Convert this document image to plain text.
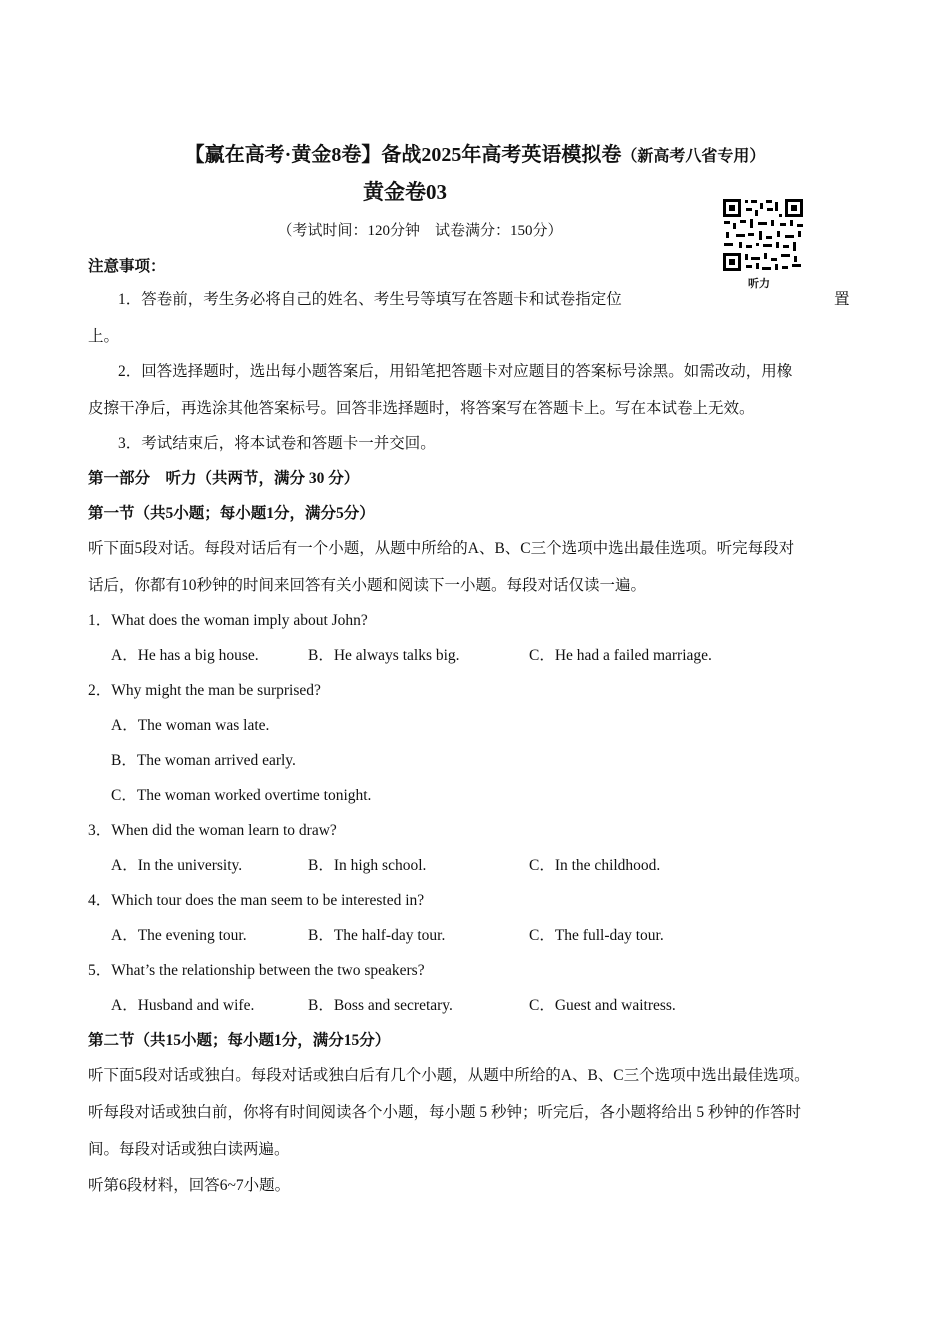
【赢在高考·黄金8卷】备战2025年高考英语模拟卷（新高考八省专用）
黄金卷03
（考试时间：120分钟　试卷满分：150分）
听力
注意事项：
1．答卷前，考生务必将自己的姓名、考生号等填写在答题卡和试卷指定位	置
上。
2．回答选择题时，选出每小题答案后，用铅笔把答题卡对应题目的答案标号涂黑。如需改动，用橡
皮擦干净后，再选涂其他答案标号。回答非选择题时，将答案写在答题卡上。写在本试卷上无效。
3．考试结束后，将本试卷和答题卡一并交回。
第一部分　听力（共两节，满分 30 分）
第一节（共5小题；每小题1分，满分5分）
听下面5段对话。每段对话后有一个小题，从题中所给的A、B、C三个选项中选出最佳选项。听完每段对
话后，你都有10秒钟的时间来回答有关小题和阅读下一小题。每段对话仅读一遍。
1．What does the woman imply about John?
A．He has a big house.	B．He always talks big.	C．He had a failed marriage.
2．Why might the man be surprised?
A．The woman was late.
B．The woman arrived early.
C．The woman worked overtime tonight.
3．When did the woman learn to draw?
A．In the university.	B．In high school.	C．In the childhood.
4．Which tour does the man seem to be interested in?
A．The evening tour.	B．The half-day tour.	C．The full-day tour.
5．What’s the relationship between the two speakers?
A．Husband and wife.	B．Boss and secretary.	C．Guest and waitress.
第二节（共15小题；每小题1分，满分15分）
听下面5段对话或独白。每段对话或独白后有几个小题，从题中所给的A、B、C三个选项中选出最佳选项。
听每段对话或独白前，你将有时间阅读各个小题，每小题 5 秒钟；听完后，各小题将给出 5 秒钟的作答时
间。每段对话或独白读两遍。
听第6段材料，回答6~7小题。
